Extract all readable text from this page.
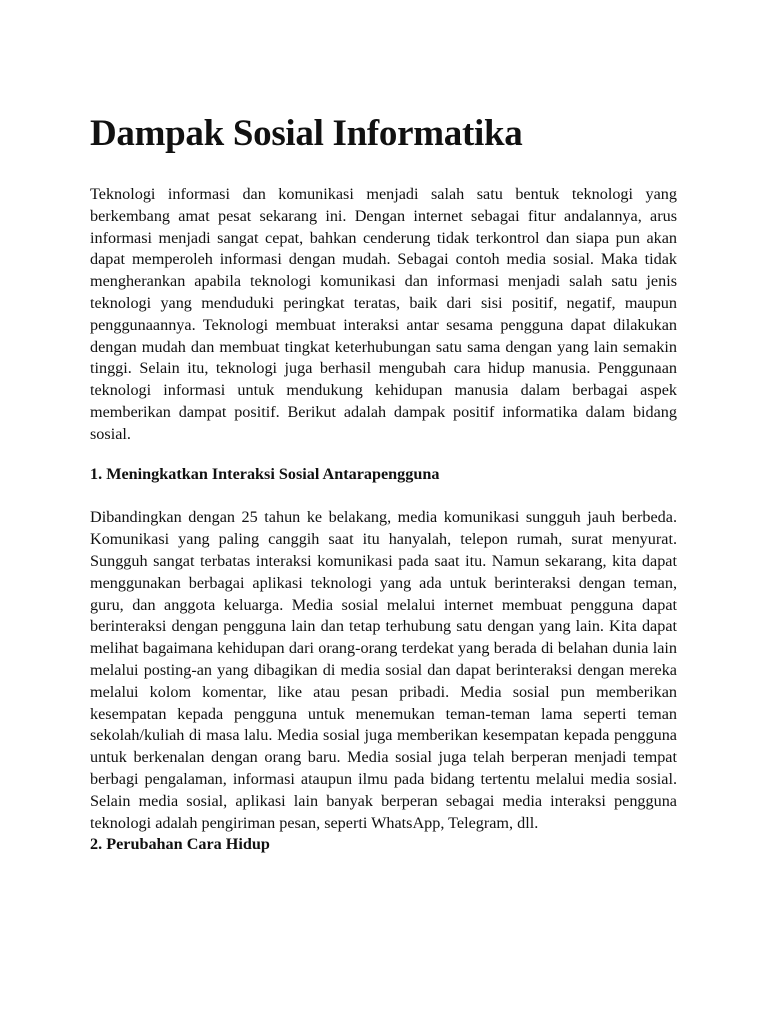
Dampak Sosial Informatika

Teknologi informasi dan komunikasi menjadi salah satu bentuk teknologi yang berkembang amat pesat sekarang ini. Dengan internet sebagai fitur andalannya, arus informasi menjadi sangat cepat, bahkan cenderung tidak terkontrol dan siapa pun akan dapat memperoleh informasi dengan mudah. Sebagai contoh media sosial. Maka tidak mengherankan apabila teknologi komunikasi dan informasi menjadi salah satu jenis teknologi yang menduduki peringkat teratas, baik dari sisi positif, negatif, maupun penggunaannya. Teknologi membuat interaksi antar sesama pengguna dapat dilakukan dengan mudah dan membuat tingkat keterhubungan satu sama dengan yang lain semakin tinggi. Selain itu, teknologi juga berhasil mengubah cara hidup manusia. Penggunaan teknologi informasi untuk mendukung kehidupan manusia dalam berbagai aspek memberikan dampat positif. Berikut adalah dampak positif informatika dalam bidang sosial.

1. Meningkatkan Interaksi Sosial Antarapengguna

Dibandingkan dengan 25 tahun ke belakang, media komunikasi sungguh jauh berbeda. Komunikasi yang paling canggih saat itu hanyalah, telepon rumah, surat menyurat. Sungguh sangat terbatas interaksi komunikasi pada saat itu. Namun sekarang, kita dapat menggunakan berbagai aplikasi teknologi yang ada untuk berinteraksi dengan teman, guru, dan anggota keluarga. Media sosial melalui internet membuat pengguna dapat berinteraksi dengan pengguna lain dan tetap terhubung satu dengan yang lain. Kita dapat melihat bagaimana kehidupan dari orang-orang terdekat yang berada di belahan dunia lain melalui posting-an yang dibagikan di media sosial dan dapat berinteraksi dengan mereka melalui kolom komentar, like atau pesan pribadi. Media sosial pun memberikan kesempatan kepada pengguna untuk menemukan teman-teman lama seperti teman sekolah/kuliah di masa lalu. Media sosial juga memberikan kesempatan kepada pengguna untuk berkenalan dengan orang baru. Media sosial juga telah berperan menjadi tempat berbagi pengalaman, informasi ataupun ilmu pada bidang tertentu melalui media sosial. Selain media sosial, aplikasi lain banyak berperan sebagai media interaksi pengguna teknologi adalah pengiriman pesan, seperti WhatsApp, Telegram, dll.

2. Perubahan Cara Hidup
